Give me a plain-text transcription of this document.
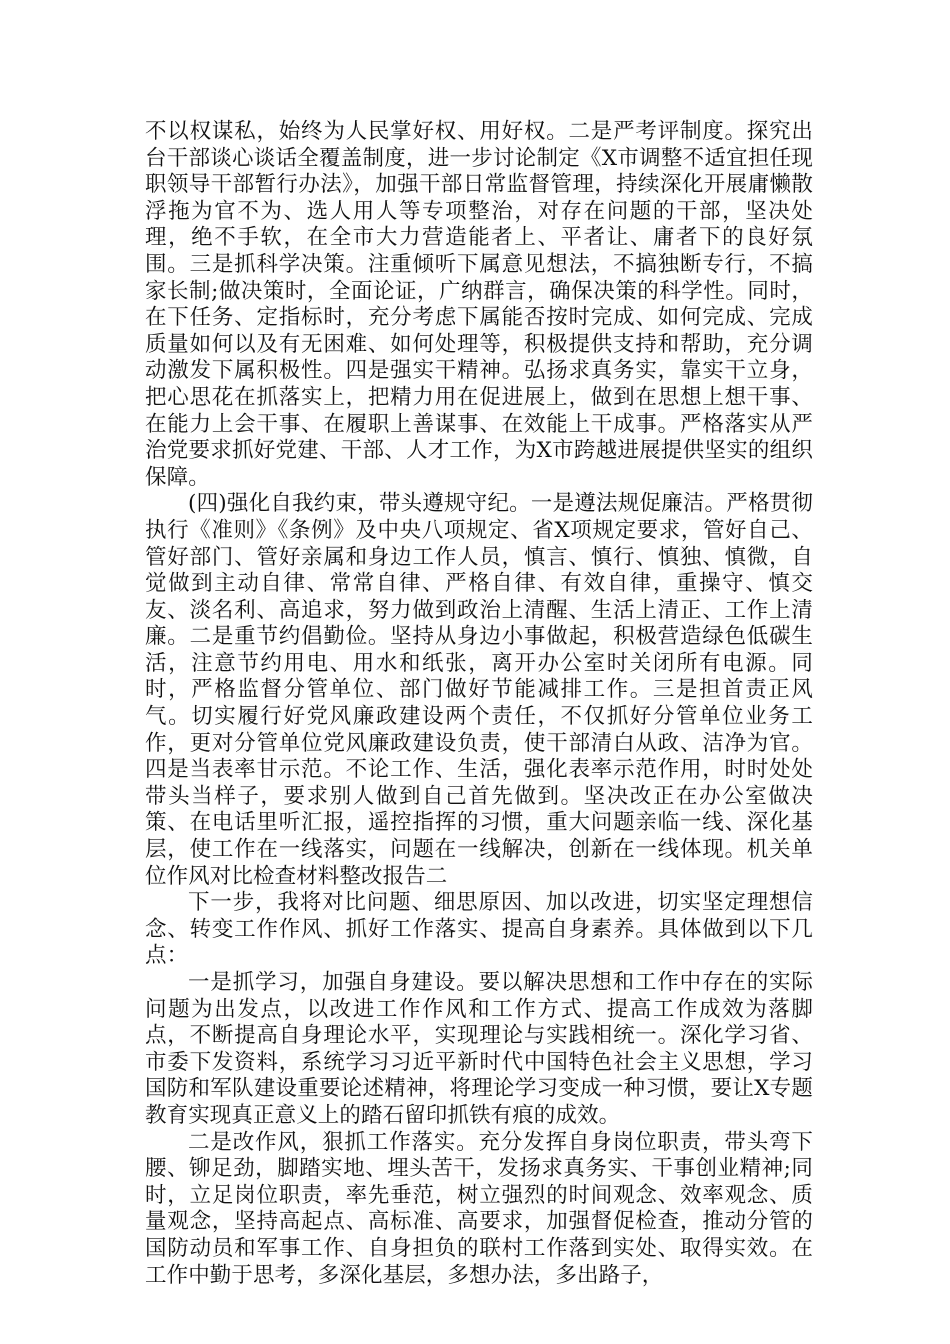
不以权谋私，始终为人民掌好权、用好权。二是严考评制度。探究出台干部谈心谈话全覆盖制度，进一步讨论制定《X市调整不适宜担任现职领导干部暂行办法》，加强干部日常监督管理，持续深化开展庸懒散浮拖为官不为、选人用人等专项整治，对存在问题的干部，坚决处理，绝不手软，在全市大力营造能者上、平者让、庸者下的良好氛围。三是抓科学决策。注重倾听下属意见想法，不搞独断专行，不搞家长制;做决策时，全面论证，广纳群言，确保决策的科学性。同时，在下任务、定指标时，充分考虑下属能否按时完成、如何完成、完成质量如何以及有无困难、如何处理等，积极提供支持和帮助，充分调动激发下属积极性。四是强实干精神。弘扬求真务实，靠实干立身，把心思花在抓落实上，把精力用在促进展上，做到在思想上想干事、在能力上会干事、在履职上善谋事、在效能上干成事。严格落实从严治党要求抓好党建、干部、人才工作，为X市跨越进展提供坚实的组织保障。

(四)强化自我约束，带头遵规守纪。一是遵法规促廉洁。严格贯彻执行《准则》《条例》及中央八项规定、省X项规定要求，管好自己、管好部门、管好亲属和身边工作人员，慎言、慎行、慎独、慎微，自觉做到主动自律、常常自律、严格自律、有效自律，重操守、慎交友、淡名利、高追求，努力做到政治上清醒、生活上清正、工作上清廉。二是重节约倡勤俭。坚持从身边小事做起，积极营造绿色低碳生活，注意节约用电、用水和纸张，离开办公室时关闭所有电源。同时，严格监督分管单位、部门做好节能减排工作。三是担首责正风气。切实履行好党风廉政建设两个责任，不仅抓好分管单位业务工作，更对分管单位党风廉政建设负责，使干部清白从政、洁净为官。四是当表率甘示范。不论工作、生活，强化表率示范作用，时时处处带头当样子，要求别人做到自己首先做到。坚决改正在办公室做决策、在电话里听汇报，遥控指挥的习惯，重大问题亲临一线、深化基层，使工作在一线落实，问题在一线解决，创新在一线体现。机关单位作风对比检查材料整改报告二

下一步，我将对比问题、细思原因、加以改进，切实坚定理想信念、转变工作作风、抓好工作落实、提高自身素养。具体做到以下几点：

一是抓学习，加强自身建设。要以解决思想和工作中存在的实际问题为出发点，以改进工作作风和工作方式、提高工作成效为落脚点，不断提高自身理论水平，实现理论与实践相统一。深化学习省、市委下发资料，系统学习习近平新时代中国特色社会主义思想，学习国防和军队建设重要论述精神，将理论学习变成一种习惯，要让X专题教育实现真正意义上的踏石留印抓铁有痕的成效。

二是改作风，狠抓工作落实。充分发挥自身岗位职责，带头弯下腰、铆足劲，脚踏实地、埋头苦干，发扬求真务实、干事创业精神;同时，立足岗位职责，率先垂范，树立强烈的时间观念、效率观念、质量观念，坚持高起点、高标准、高要求，加强督促检查，推动分管的国防动员和军事工作、自身担负的联村工作落到实处、取得实效。在工作中勤于思考，多深化基层，多想办法，多出路子，
